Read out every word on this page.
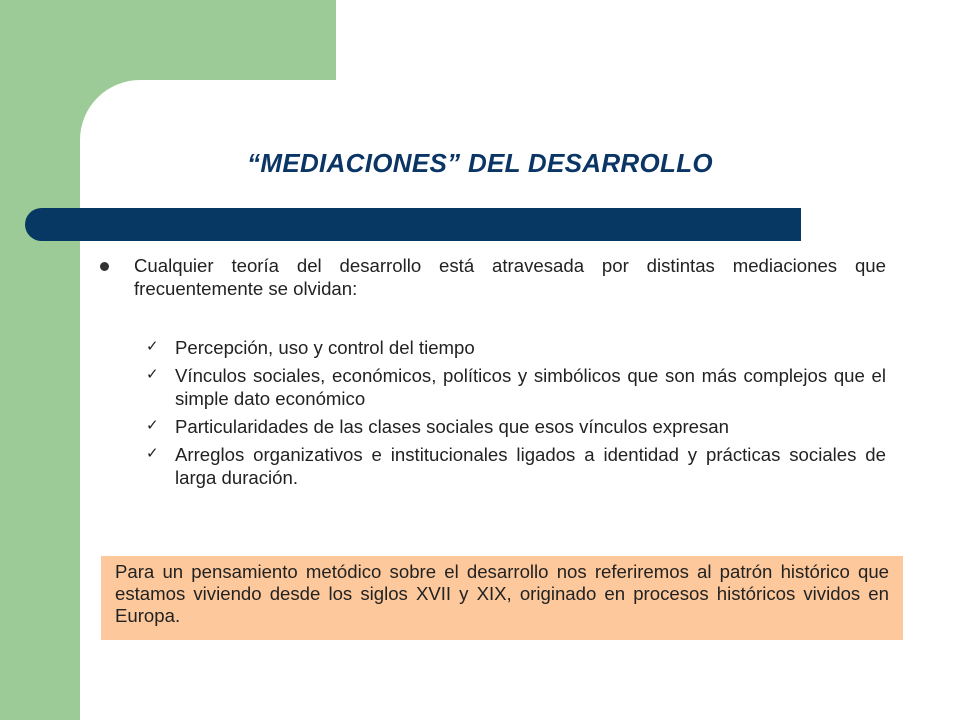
“MEDIACIONES” DEL DESARROLLO
Cualquier teoría del desarrollo está atravesada por distintas mediaciones que frecuentemente se olvidan:
✓ Percepción, uso y control del tiempo
✓ Vínculos sociales, económicos, políticos y simbólicos que son más complejos que el simple dato económico
✓ Particularidades de las clases sociales que esos vínculos expresan
✓ Arreglos organizativos e institucionales ligados a identidad y prácticas sociales de larga duración.
Para un pensamiento metódico sobre el desarrollo nos referiremos al patrón histórico que estamos viviendo desde los siglos XVII y XIX, originado en procesos históricos vividos en Europa.
